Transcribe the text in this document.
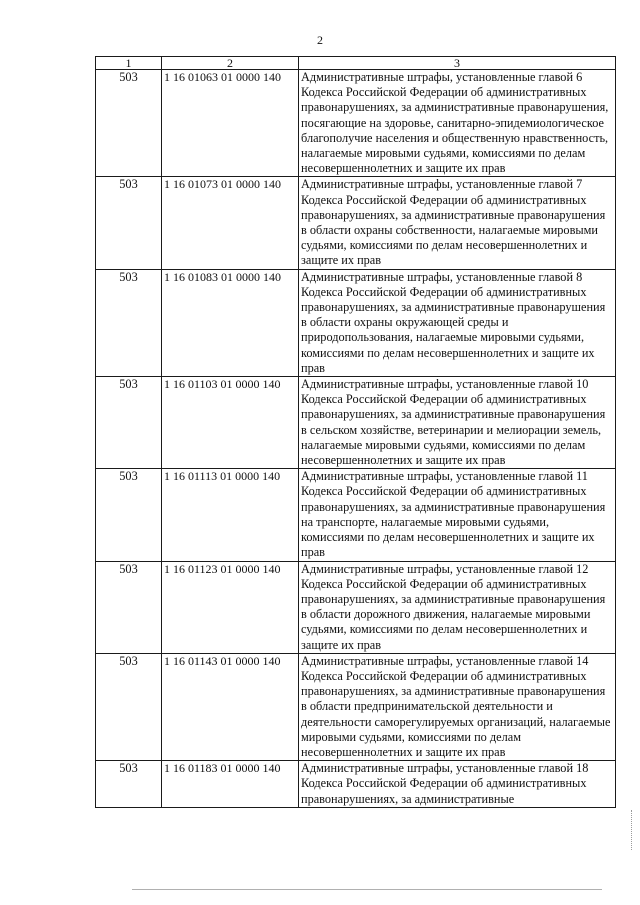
2
1	2	3
503	1 16 01063 01 0000 140	Административные штрафы, установленные главой 6 Кодекса Российской Федерации об административных правонарушениях, за административные правонарушения, посягающие на здоровье, санитарно-эпидемиологическое благополучие населения и общественную нравственность, налагаемые мировыми судьями, комиссиями по делам несовершеннолетних и защите их прав
503	1 16 01073 01 0000 140	Административные штрафы, установленные главой 7 Кодекса Российской Федерации об административных правонарушениях, за административные правонарушения в области охраны собственности, налагаемые мировыми судьями, комиссиями по делам несовершеннолетних и защите их прав
503	1 16 01083 01 0000 140	Административные штрафы, установленные главой 8 Кодекса Российской Федерации об административных правонарушениях, за административные правонарушения в области охраны окружающей среды и природопользования, налагаемые мировыми судьями, комиссиями по делам несовершеннолетних и защите их прав
503	1 16 01103 01 0000 140	Административные штрафы, установленные главой 10 Кодекса Российской Федерации об административных правонарушениях, за административные правонарушения в сельском хозяйстве, ветеринарии и мелиорации земель, налагаемые мировыми судьями, комиссиями по делам несовершеннолетних и защите их прав
503	1 16 01113 01 0000 140	Административные штрафы, установленные главой 11 Кодекса Российской Федерации об административных правонарушениях, за административные правонарушения на транспорте, налагаемые мировыми судьями, комиссиями по делам несовершеннолетних и защите их прав
503	1 16 01123 01 0000 140	Административные штрафы, установленные главой 12 Кодекса Российской Федерации об административных правонарушениях, за административные правонарушения в области дорожного движения, налагаемые мировыми судьями, комиссиями по делам несовершеннолетних и защите их прав
503	1 16 01143 01 0000 140	Административные штрафы, установленные главой 14 Кодекса Российской Федерации об административных правонарушениях, за административные правонарушения в области предпринимательской деятельности и деятельности саморегулируемых организаций, налагаемые мировыми судьями, комиссиями по делам несовершеннолетних и защите их прав
503	1 16 01183 01 0000 140	Административные штрафы, установленные главой 18 Кодекса Российской Федерации об административных правонарушениях, за административные
